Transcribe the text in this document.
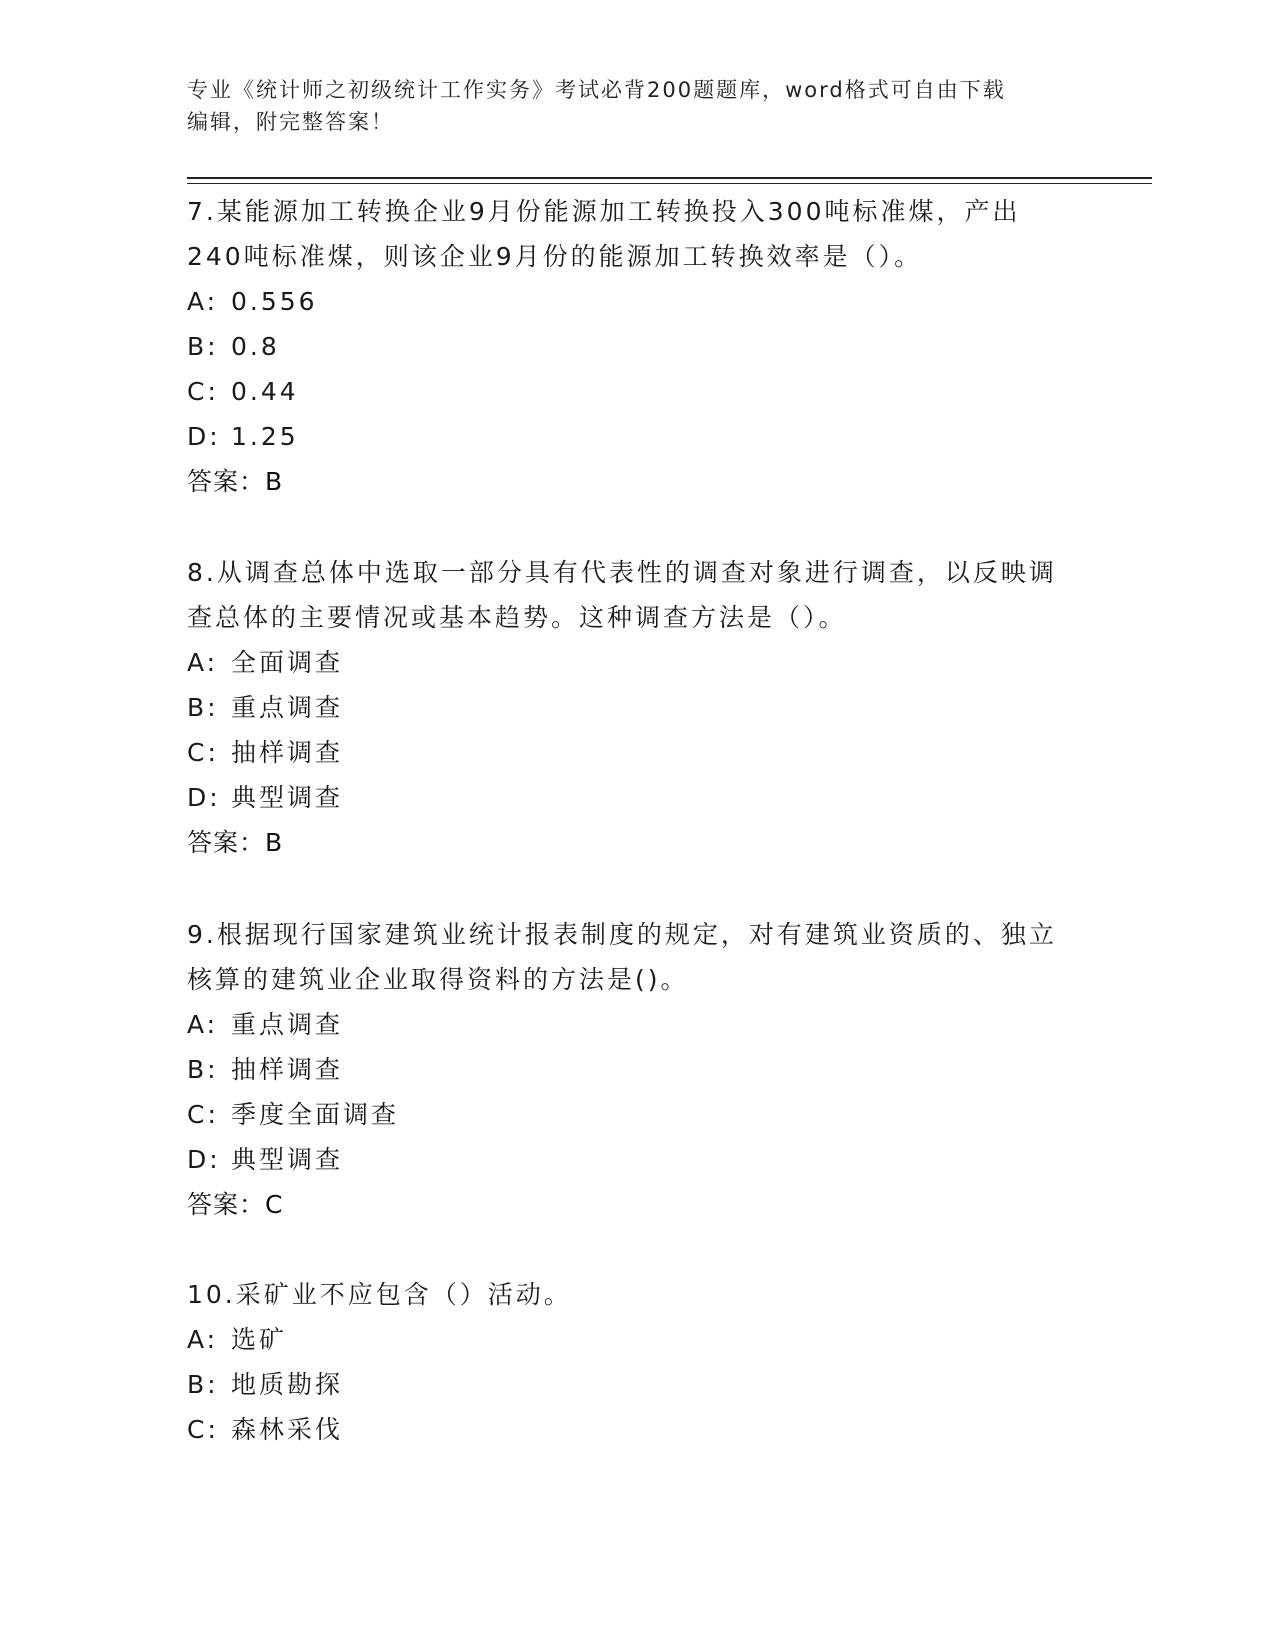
专业《统计师之初级统计工作实务》考试必背200题题库，word格式可自由下载
编辑，附完整答案！

7.某能源加工转换企业9月份能源加工转换投入300吨标准煤，产出240吨标准煤，则该企业9月份的能源加工转换效率是（）。

A: 0.556

B: 0.8

C: 0.44

D: 1.25

答案：B

8.从调查总体中选取一部分具有代表性的调查对象进行调查，以反映调查总体的主要情况或基本趋势。这种调查方法是（）。

A: 全面调查

B: 重点调查

C: 抽样调查

D: 典型调查

答案：B

9.根据现行国家建筑业统计报表制度的规定，对有建筑业资质的、独立核算的建筑业企业取得资料的方法是()。

A: 重点调查

B: 抽样调查

C: 季度全面调查

D: 典型调查

答案：C

10.采矿业不应包含（）活动。

A: 选矿

B: 地质勘探

C: 森林采伐
